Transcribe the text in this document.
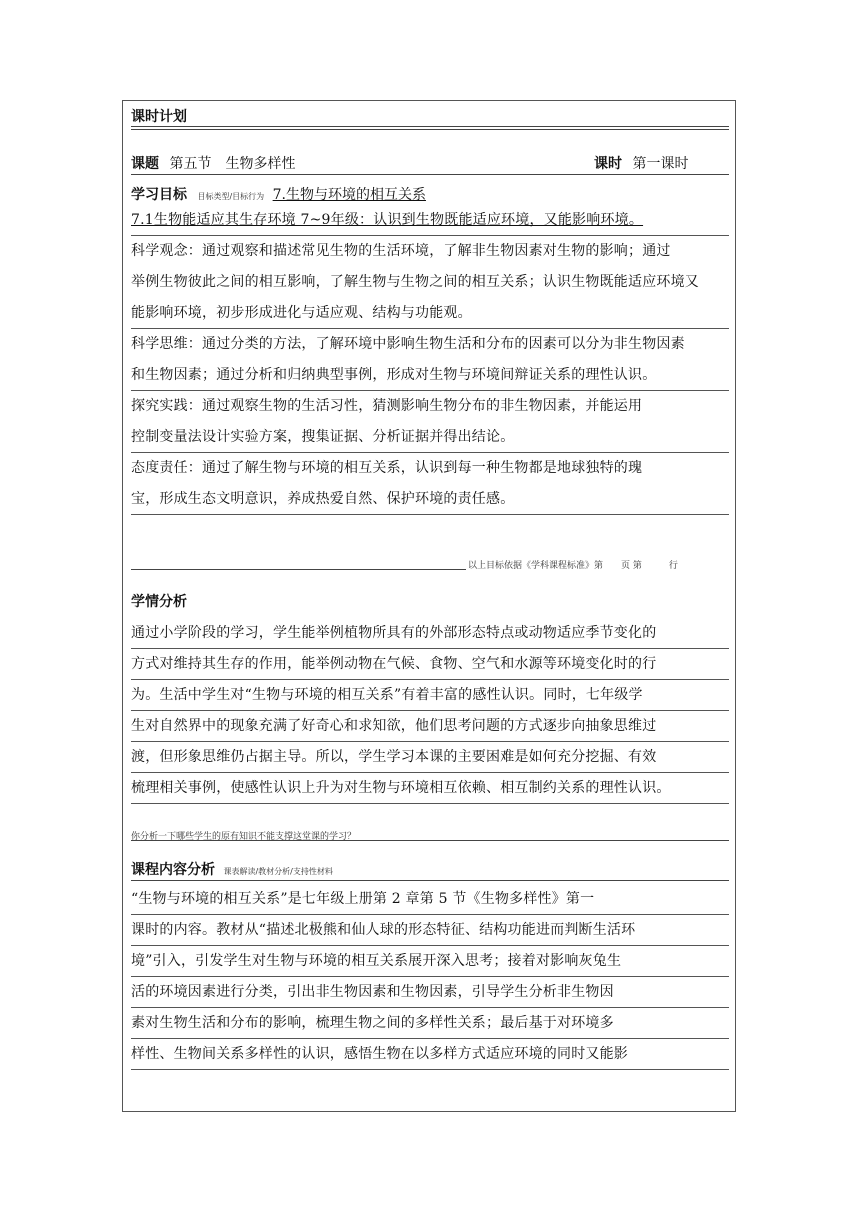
课时计划
课题 第五节　生物多样性	课时 第一课时
学习目标 目标类型/目标行为 7.生物与环境的相互关系
7.1生物能适应其生存环境 7~9年级：认识到生物既能适应环境，又能影响环境。
科学观念：通过观察和描述常见生物的生活环境，了解非生物因素对生物的影响；通过
举例生物彼此之间的相互影响，了解生物与生物之间的相互关系；认识生物既能适应环境又
能影响环境，初步形成进化与适应观、结构与功能观。
科学思维：通过分类的方法，了解环境中影响生物生活和分布的因素可以分为非生物因素
和生物因素；通过分析和归纳典型事例，形成对生物与环境间辩证关系的理性认识。
探究实践：通过观察生物的生活习性，猜测影响生物分布的非生物因素，并能运用
控制变量法设计实验方案，搜集证据、分析证据并得出结论。
态度责任：通过了解生物与环境的相互关系，认识到每一种生物都是地球独特的瑰
宝，形成生态文明意识，养成热爱自然、保护环境的责任感。
以上目标依据《学科课程标准》第　　页 第　　　行
学情分析
通过小学阶段的学习，学生能举例植物所具有的外部形态特点或动物适应季节变化的
方式对维持其生存的作用，能举例动物在气候、食物、空气和水源等环境变化时的行
为。生活中学生对“生物与环境的相互关系”有着丰富的感性认识。同时，七年级学
生对自然界中的现象充满了好奇心和求知欲，他们思考问题的方式逐步向抽象思维过
渡，但形象思维仍占据主导。所以，学生学习本课的主要困难是如何充分挖掘、有效
梳理相关事例，使感性认识上升为对生物与环境相互依赖、相互制约关系的理性认识。
你分析一下哪些学生的原有知识不能支撑这堂课的学习？
课程内容分析 课表解读/教材分析/支持性材料
“生物与环境的相互关系”是七年级上册第 2 章第 5 节《生物多样性》第一
课时的内容。教材从“描述北极熊和仙人球的形态特征、结构功能进而判断生活环
境”引入，引发学生对生物与环境的相互关系展开深入思考；接着对影响灰兔生
活的环境因素进行分类，引出非生物因素和生物因素，引导学生分析非生物因
素对生物生活和分布的影响，梳理生物之间的多样性关系；最后基于对环境多
样性、生物间关系多样性的认识，感悟生物在以多样方式适应环境的同时又能影
